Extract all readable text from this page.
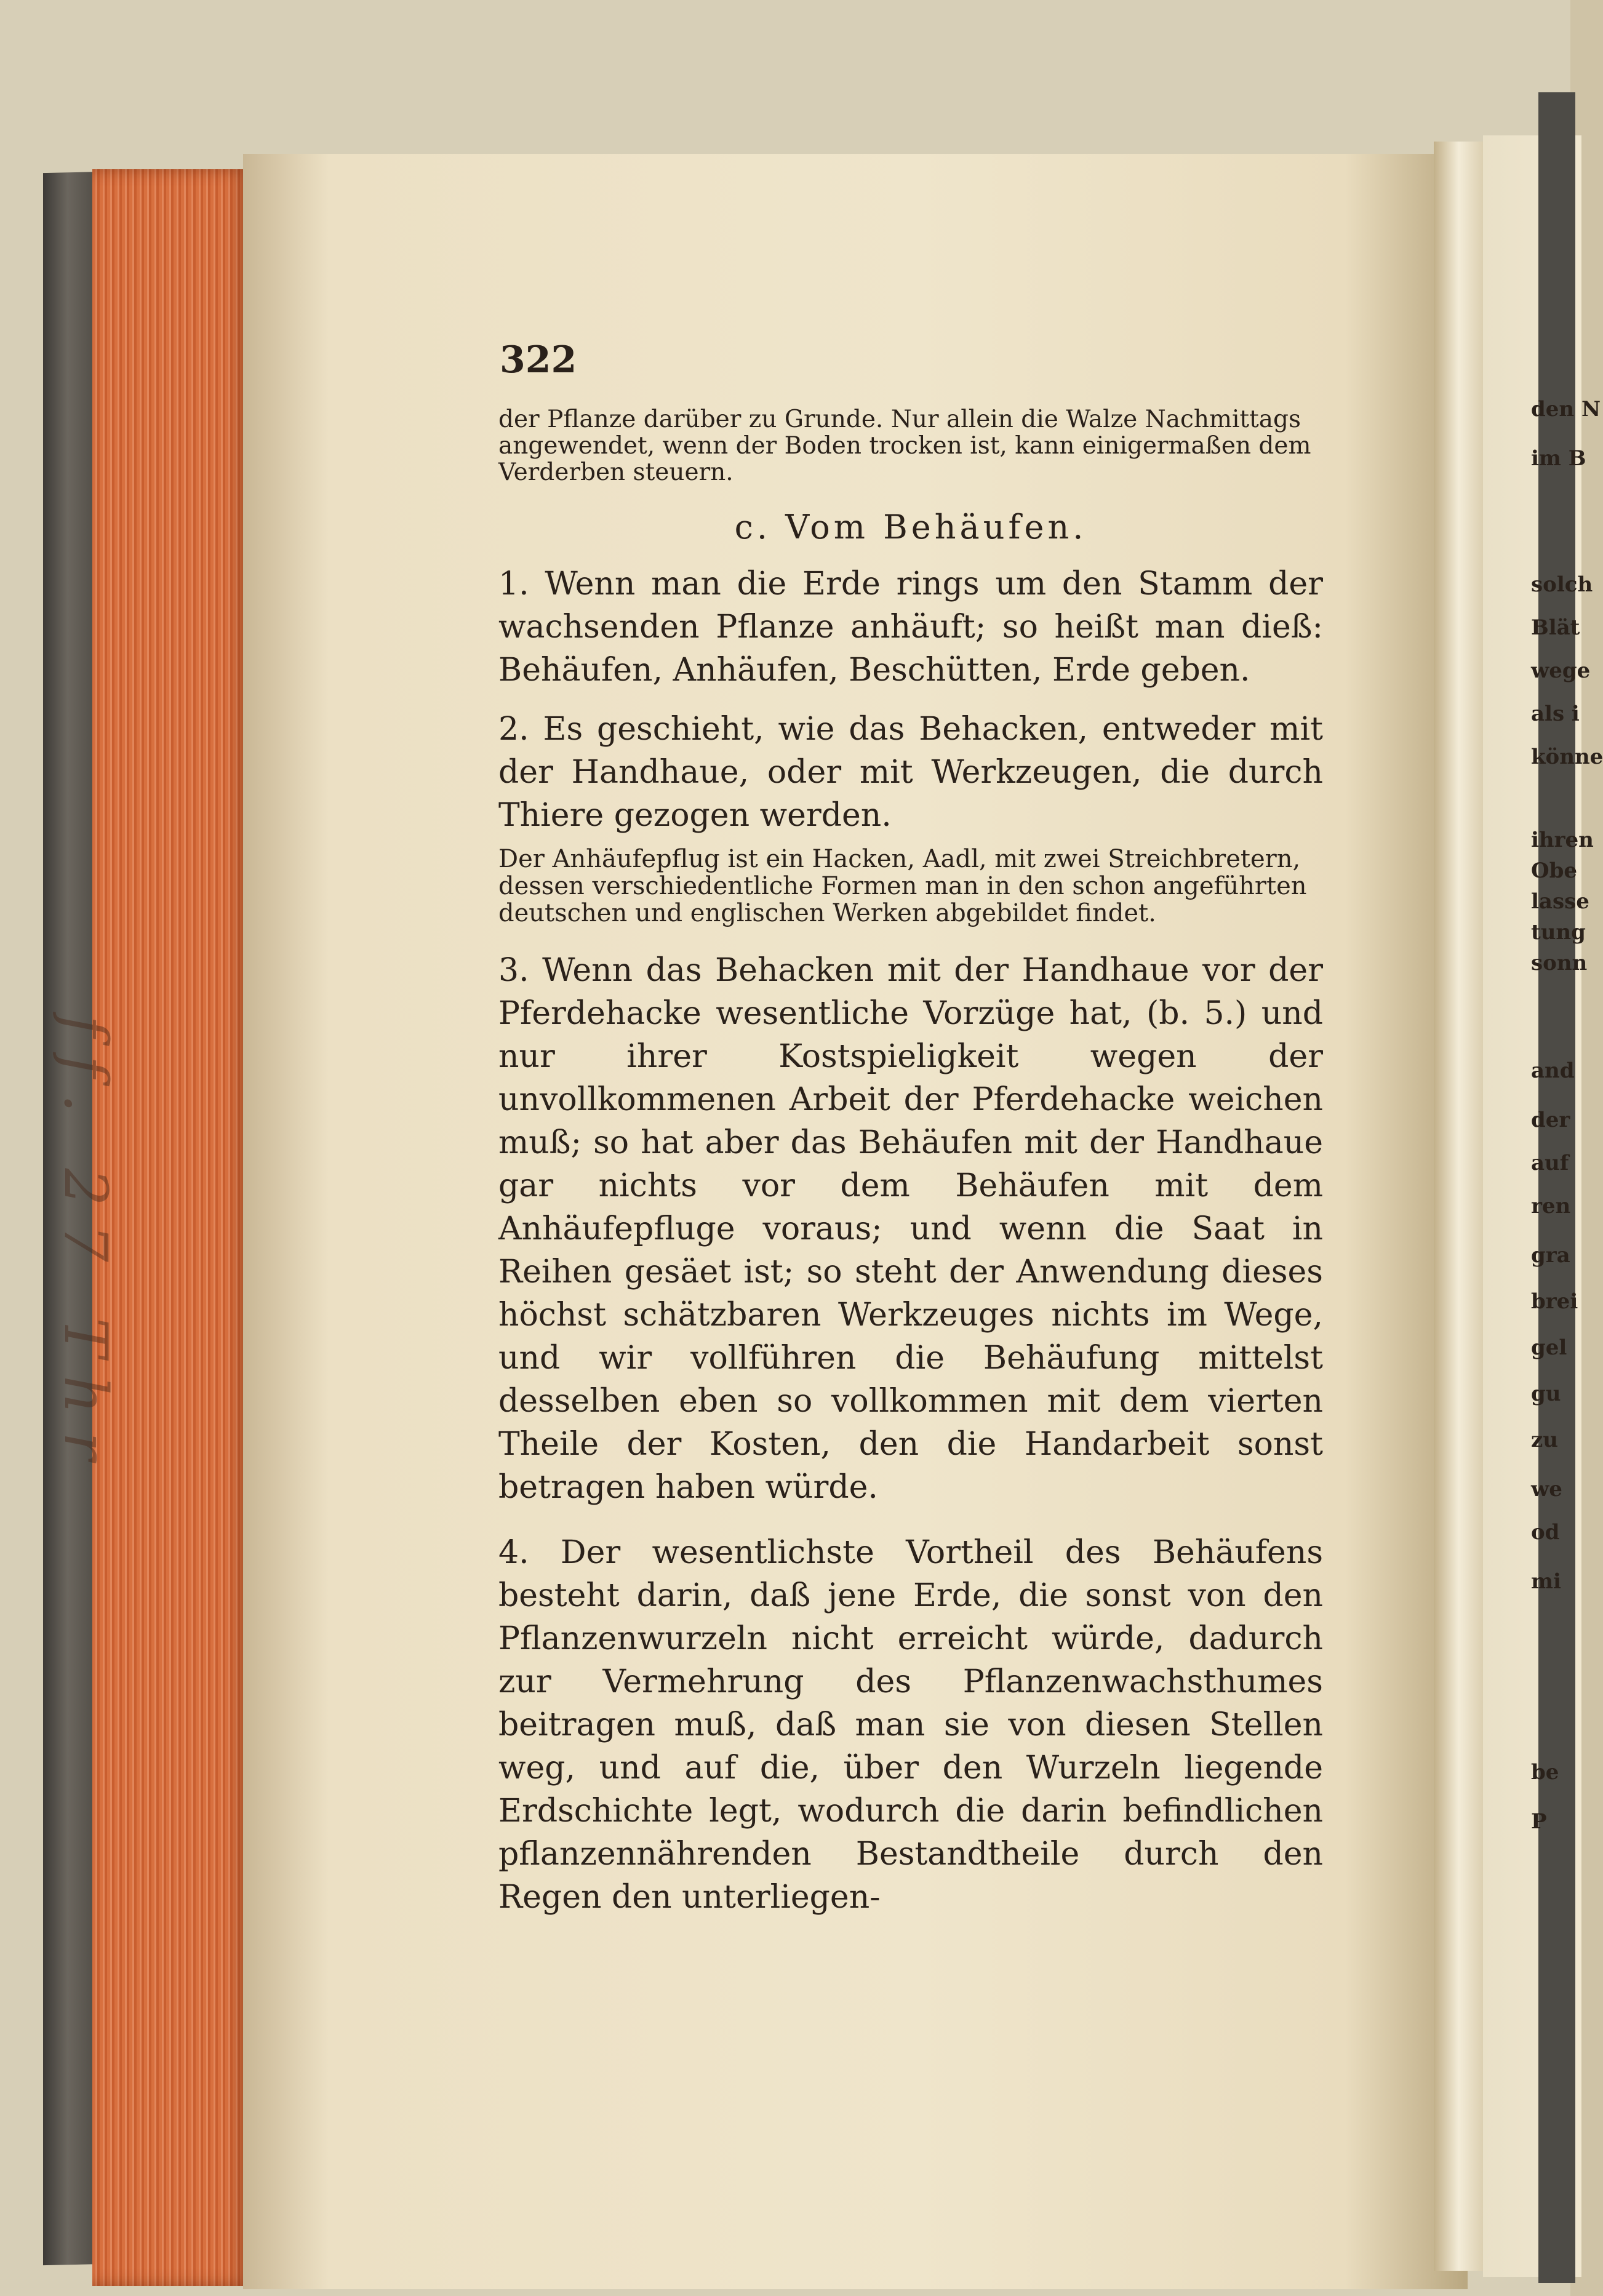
ff. 27 Thr
322

der Pflanze darüber zu Grunde. Nur allein die Walze Nachmittags angewendet, wenn der Boden trocken ist, kann einigermaßen dem Verderben steuern.

c. Vom Behäufen.

1. Wenn man die Erde rings um den Stamm der wachsenden Pflanze anhäuft; so heißt man dieß: Behäufen, Anhäufen, Beschütten, Erde geben.

2. Es geschieht, wie das Behacken, entweder mit der Handhaue, oder mit Werkzeugen, die durch Thiere gezogen werden.

Der Anhäufepflug ist ein Hacken, Aadl, mit zwei Streichbretern, dessen verschiedentliche Formen man in den schon angeführten deutschen und englischen Werken abgebildet findet.

3. Wenn das Behacken mit der Handhaue vor der Pferdehacke wesentliche Vorzüge hat, (b. 5.) und nur ihrer Kostspieligkeit wegen der unvollkommenen Arbeit der Pferdehacke weichen muß; so hat aber das Behäufen mit der Handhaue gar nichts vor dem Behäufen mit dem Anhäufepfluge voraus; und wenn die Saat in Reihen gesäet ist; so steht der Anwendung dieses höchst schätzbaren Werkzeuges nichts im Wege, und wir vollführen die Behäufung mittelst desselben eben so vollkommen mit dem vierten Theile der Kosten, den die Handarbeit sonst betragen haben würde.

4. Der wesentlichste Vortheil des Behäufens besteht darin, daß jene Erde, die sonst von den Pflanzenwurzeln nicht erreicht würde, dadurch zur Vermehrung des Pflanzenwachsthumes beitragen muß, daß man sie von diesen Stellen weg, und auf die, über den Wurzeln liegende Erdschichte legt, wodurch die darin befindlichen pflanzennährenden Bestandtheile durch den Regen den unterliegen-

den N
im B
solch
Blät
wege
als i
könne
ihren
Obe
lasse
tung
sonn
and
der
auf
ren
gra
brei
gel
gu
zu
we
od
mi
be
P
